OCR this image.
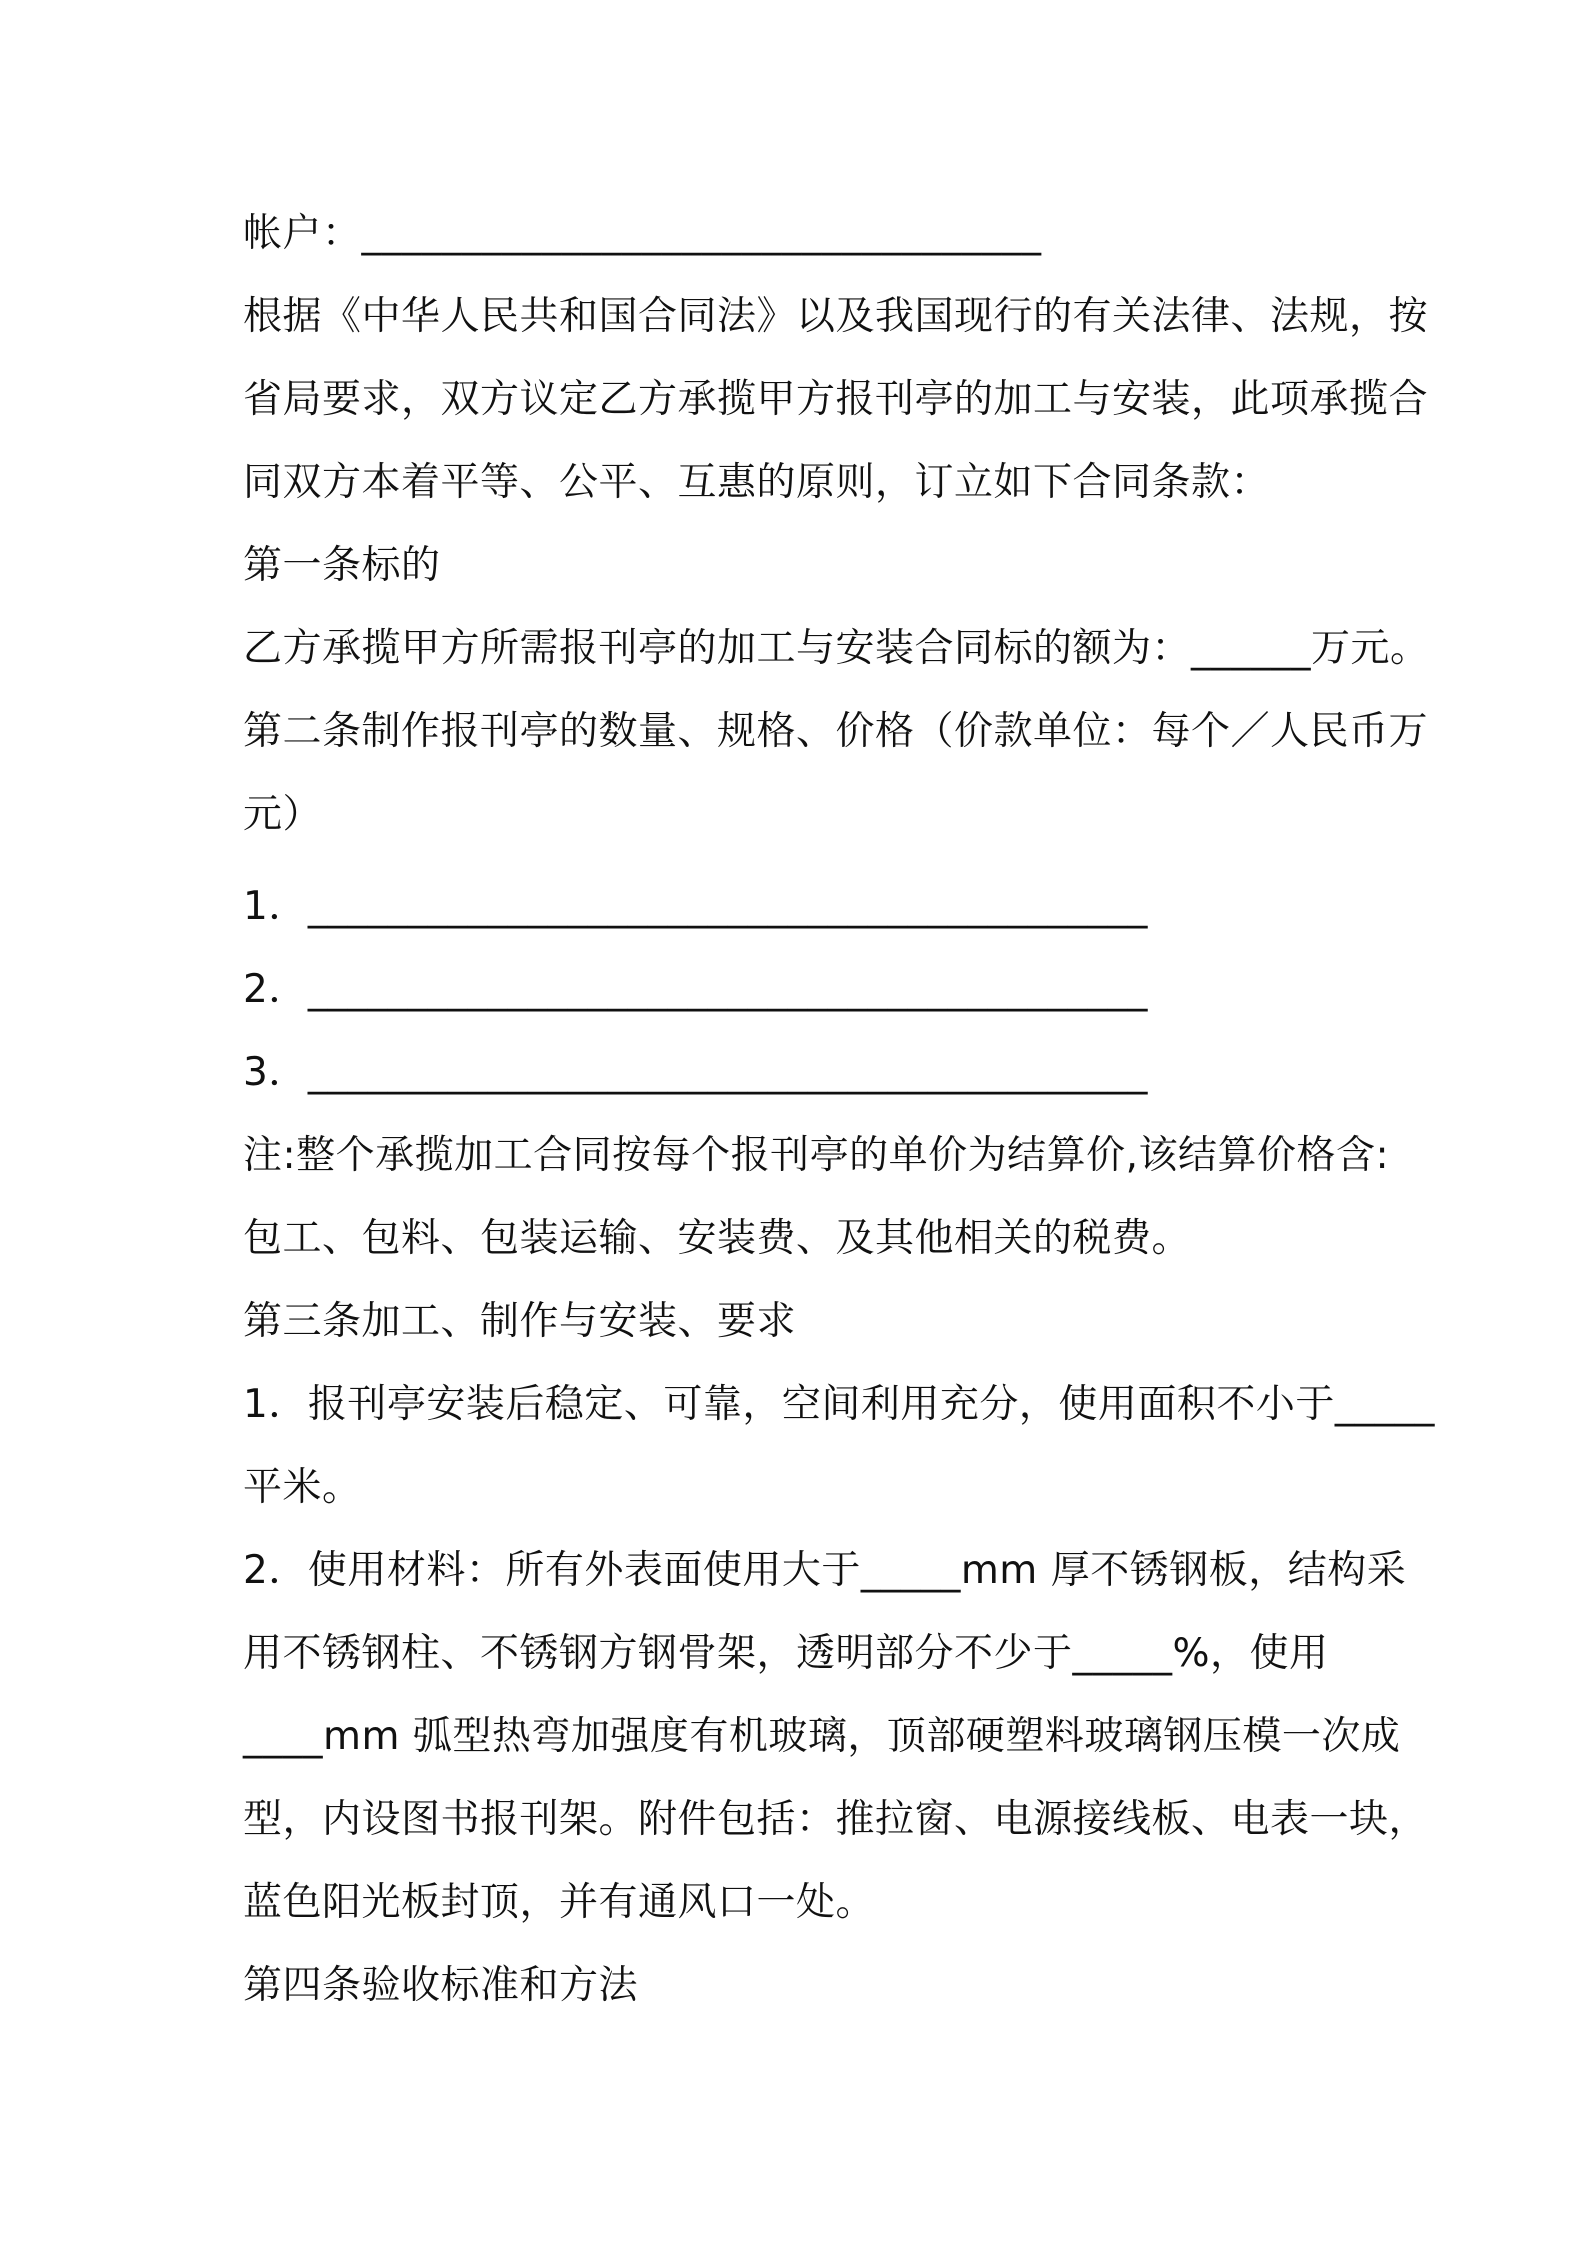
帐户：__________________________________
根据《中华人民共和国合同法》以及我国现行的有关法律、法规，按
省局要求，双方议定乙方承揽甲方报刊亭的加工与安装，此项承揽合
同双方本着平等、公平、互惠的原则，订立如下合同条款：
第一条标的
乙方承揽甲方所需报刊亭的加工与安装合同标的额为：______万元。
第二条制作报刊亭的数量、规格、价格（价款单位：每个／人民币万
元）
1．__________________________________________
2．__________________________________________
3．__________________________________________
注:整个承揽加工合同按每个报刊亭的单价为结算价,该结算价格含:
包工、包料、包装运输、安装费、及其他相关的税费。
第三条加工、制作与安装、要求
1．报刊亭安装后稳定、可靠，空间利用充分，使用面积不小于_____
平米。
2．使用材料：所有外表面使用大于_____mm 厚不锈钢板，结构采
用不锈钢柱、不锈钢方钢骨架，透明部分不少于_____%，使用
____mm 弧型热弯加强度有机玻璃，顶部硬塑料玻璃钢压模一次成
型，内设图书报刊架。附件包括：推拉窗、电源接线板、电表一块，
蓝色阳光板封顶，并有通风口一处。
第四条验收标准和方法
